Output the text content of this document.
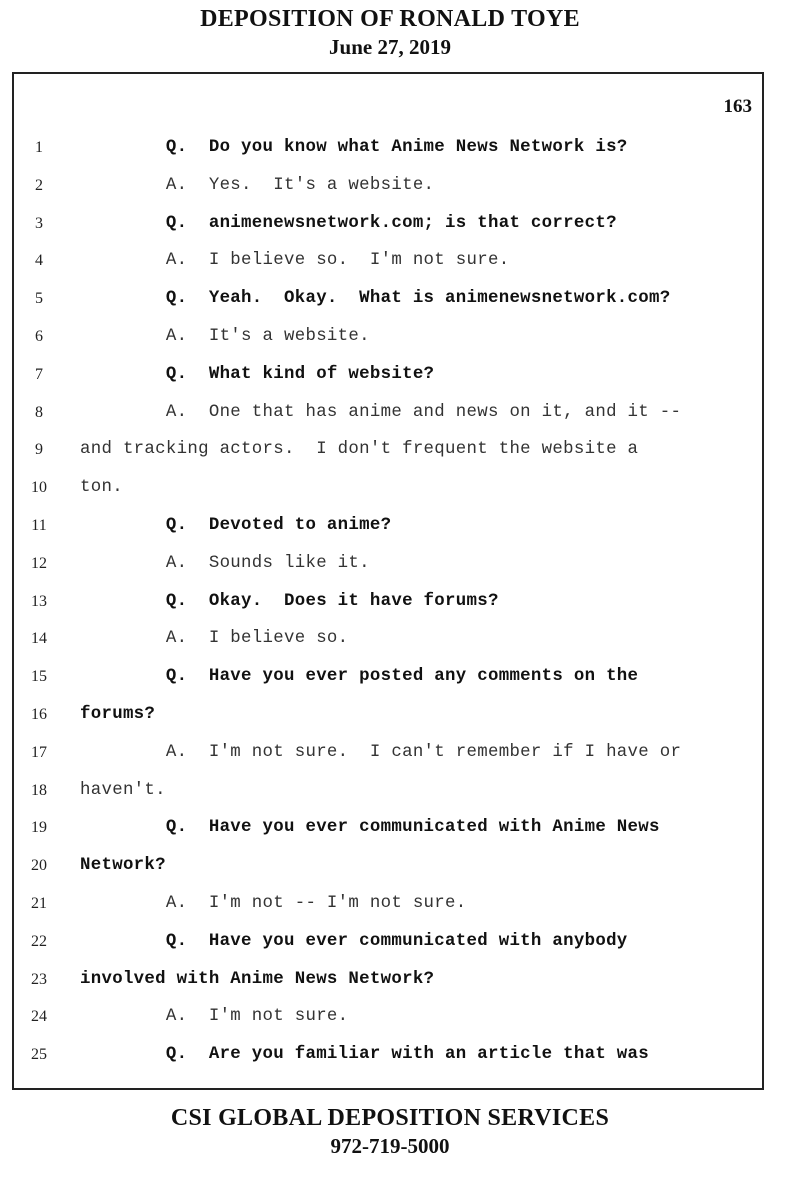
DEPOSITION OF RONALD TOYE
June 27, 2019
163
1	Q.  Do you know what Anime News Network is?
2	A.  Yes.  It's a website.
3	Q.  animenewsnetwork.com; is that correct?
4	A.  I believe so.  I'm not sure.
5	Q.  Yeah.  Okay.  What is animenewsnetwork.com?
6	A.  It's a website.
7	Q.  What kind of website?
8	A.  One that has anime and news on it, and it --
9	and tracking actors.  I don't frequent the website a
10 ton.
11	Q.  Devoted to anime?
12 A.  Sounds like it.
13 Q.  Okay.  Does it have forums?
14 A.  I believe so.
15 Q.  Have you ever posted any comments on the
16 forums?
17 A.  I'm not sure.  I can't remember if I have or
18 haven't.
19 Q.  Have you ever communicated with Anime News
20 Network?
21 A.  I'm not -- I'm not sure.
22 Q.  Have you ever communicated with anybody
23 involved with Anime News Network?
24 A.  I'm not sure.
25 Q.  Are you familiar with an article that was
CSI GLOBAL DEPOSITION SERVICES
972-719-5000
